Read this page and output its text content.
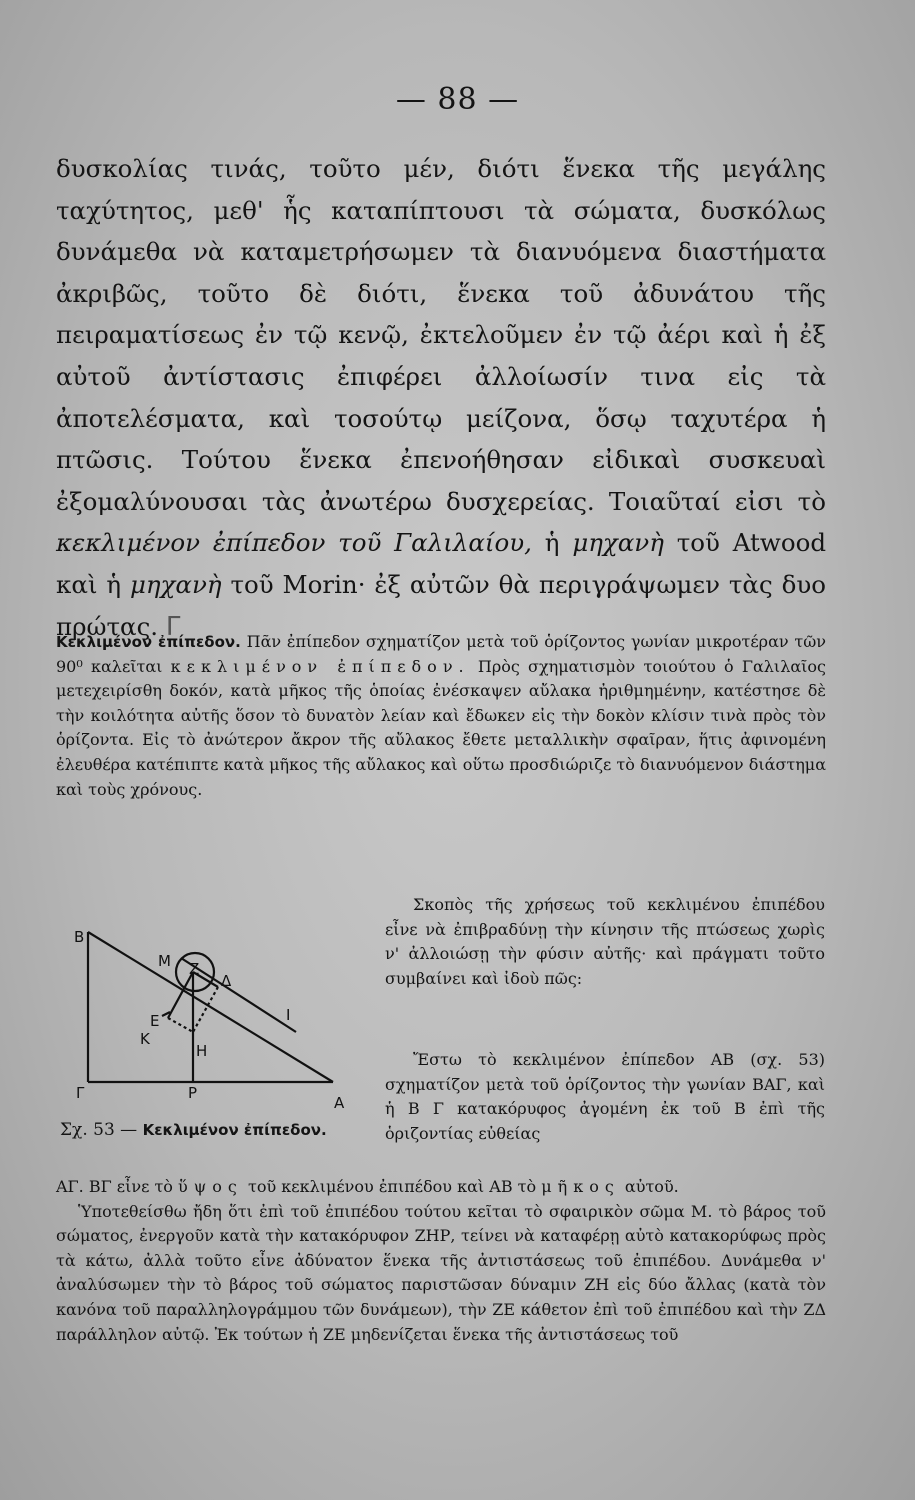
— 88 —
δυσκολίας τινάς, τοῦτο μέν, διότι ἕνεκα τῆς μεγάλης ταχύτητος, μεθ' ἧς καταπίπτουσι τὰ σώματα, δυσκόλως δυνάμεθα νὰ καταμετρήσωμεν τὰ διανυόμενα διαστήματα ἀκριβῶς, τοῦτο δὲ διότι, ἕνεκα τοῦ ἀδυνάτου τῆς πειραματίσεως ἐν τῷ κενῷ, ἐκτελοῦμεν ἐν τῷ ἀέρι καὶ ἡ ἐξ αὐτοῦ ἀντίστασις ἐπιφέρει ἀλλοίωσίν τινα εἰς τὰ ἀποτελέσματα, καὶ τοσούτῳ μείζονα, ὅσῳ ταχυτέρα ἡ πτῶσις. Τούτου ἕνεκα ἐπενοήθησαν εἰδικαὶ συσκευαὶ ἐξομαλύνουσαι τὰς ἀνωτέρω δυσχερείας. Τοιαῦταί εἰσι τὸ κεκλιμένον ἐπίπεδον τοῦ Γαλιλαίου, ἡ μηχανὴ τοῦ Atwood καὶ ἡ μηχανὴ τοῦ Morin· ἐξ αὐτῶν θὰ περιγράψωμεν τὰς δυο πρώτας. Γ
Κεκλιμένον ἐπίπεδον. Πᾶν ἐπίπεδον σχηματίζον μετὰ τοῦ ὁρίζοντος γωνίαν μικροτέραν τῶν 90⁰ καλεῖται κεκλιμένον ἐπίπεδον. Πρὸς σχηματισμὸν τοιούτου ὁ Γαλιλαῖος μετεχειρίσθη δοκόν, κατὰ μῆκος τῆς ὁποίας ἐνέσκαψεν αὔλακα ἠριθμημένην, κατέστησε δὲ τὴν κοιλότητα αὐτῆς ὅσον τὸ δυνατὸν λείαν καὶ ἔδωκεν εἰς τὴν δοκὸν κλίσιν τινὰ πρὸς τὸν ὁρίζοντα. Εἰς τὸ ἀνώτερον ἄκρον τῆς αὔλακος ἔθετε μεταλλικὴν σφαῖραν, ἥτις ἀφινομένη ἐλευθέρα κατέπιπτε κατὰ μῆκος τῆς αὔλακος καὶ οὕτω προσδιώριζε τὸ διανυόμενον διάστημα καὶ τοὺς χρόνους.
Β
Γ
Α
Μ Ζ
Δ
Ε
Κ
Η
Ρ
Ι
Σχ. 53 — Κεκλιμένον ἐπίπεδον.
Σκοπὸς τῆς χρήσεως τοῦ κεκλιμένου ἐπιπέδου εἶνε νὰ ἐπιβραδύνῃ τὴν κίνησιν τῆς πτώσεως χωρὶς ν' ἀλλοιώσῃ τὴν φύσιν αὐτῆς· καὶ πράγματι τοῦτο συμβαίνει καὶ ἰδοὺ πῶς:
Ἔστω τὸ κεκλιμένον ἐπίπεδον ΑΒ (σχ. 53) σχηματίζον μετὰ τοῦ ὁρίζοντος τὴν γωνίαν ΒΑΓ, καὶ ἡ Β Γ κατακόρυφος ἀγομένη ἐκ τοῦ Β ἐπὶ τῆς ὁριζοντίας εὐθείας

ΑΓ. ΒΓ εἶνε τὸ ὕψος τοῦ κεκλιμένου ἐπιπέδου καὶ ΑΒ τὸ μῆκος αὐτοῦ.

Ὑποτεθείσθω ἤδη ὅτι ἐπὶ τοῦ ἐπιπέδου τούτου κεῖται τὸ σφαιρικὸν σῶμα Μ. τὸ βάρος τοῦ σώματος, ἐνεργοῦν κατὰ τὴν κατακόρυφον ΖΗΡ, τείνει νὰ καταφέρῃ αὐτὸ κατακορύφως πρὸς τὰ κάτω, ἀλλὰ τοῦτο εἶνε ἀδύνατον ἕνεκα τῆς ἀντιστάσεως τοῦ ἐπιπέδου. Δυνάμεθα ν' ἀναλύσωμεν τὴν τὸ βάρος τοῦ σώματος παριστῶσαν δύναμιν ΖΗ εἰς δύο ἄλλας (κατὰ τὸν κανόνα τοῦ παραλληλογράμμου τῶν δυνάμεων), τὴν ΖΕ κάθετον ἐπὶ τοῦ ἐπιπέδου καὶ τὴν ΖΔ παράλληλον αὐτῷ. Ἐκ τούτων ἡ ΖΕ μηδενίζεται ἕνεκα τῆς ἀντιστάσεως τοῦ
